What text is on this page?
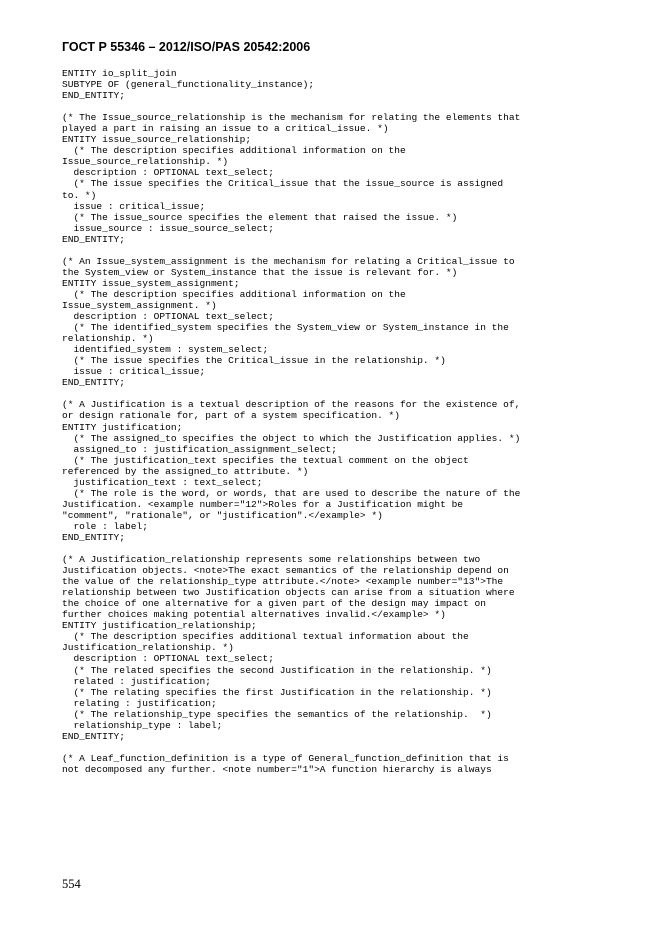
ГОСТ Р 55346 – 2012/ISO/PAS 20542:2006
ENTITY io_split_join
SUBTYPE OF (general_functionality_instance);
END_ENTITY;
(* The Issue_source_relationship is the mechanism for relating the elements that
played a part in raising an issue to a critical_issue. *)
ENTITY issue_source_relationship;
(* The description specifies additional information on the
Issue_source_relationship. *)
description : OPTIONAL text_select;
(* The issue specifies the Critical_issue that the issue_source is assigned
to. *)
issue : critical_issue;
(* The issue_source specifies the element that raised the issue. *)
issue_source : issue_source_select;
END_ENTITY;
(* An Issue_system_assignment is the mechanism for relating a Critical_issue to
the System_view or System_instance that the issue is relevant for. *)
ENTITY issue_system_assignment;
(* The description specifies additional information on the
Issue_system_assignment. *)
description : OPTIONAL text_select;
(* The identified_system specifies the System_view or System_instance in the
relationship. *)
identified_system : system_select;
(* The issue specifies the Critical_issue in the relationship. *)
issue : critical_issue;
END_ENTITY;
(* A Justification is a textual description of the reasons for the existence of,
or design rationale for, part of a system specification. *)
ENTITY justification;
(* The assigned_to specifies the object to which the Justification applies. *)
assigned_to : justification_assignment_select;
(* The justification_text specifies the textual comment on the object
referenced by the assigned_to attribute. *)
justification_text : text_select;
(* The role is the word, or words, that are used to describe the nature of the
Justification. <example number="12">Roles for a Justification might be
"comment", "rationale", or "justification".</example> *)
role : label;
END_ENTITY;
(* A Justification_relationship represents some relationships between two
Justification objects. <note>The exact semantics of the relationship depend on
the value of the relationship_type attribute.</note> <example number="13">The
relationship between two Justification objects can arise from a situation where
the choice of one alternative for a given part of the design may impact on
further choices making potential alternatives invalid.</example> *)
ENTITY justification_relationship;
(* The description specifies additional textual information about the
Justification_relationship. *)
description : OPTIONAL text_select;
(* The related specifies the second Justification in the relationship. *)
related : justification;
(* The relating specifies the first Justification in the relationship. *)
relating : justification;
(* The relationship_type specifies the semantics of the relationship.  *)
relationship_type : label;
END_ENTITY;
(* A Leaf_function_definition is a type of General_function_definition that is
not decomposed any further. <note number="1">A function hierarchy is always
554
